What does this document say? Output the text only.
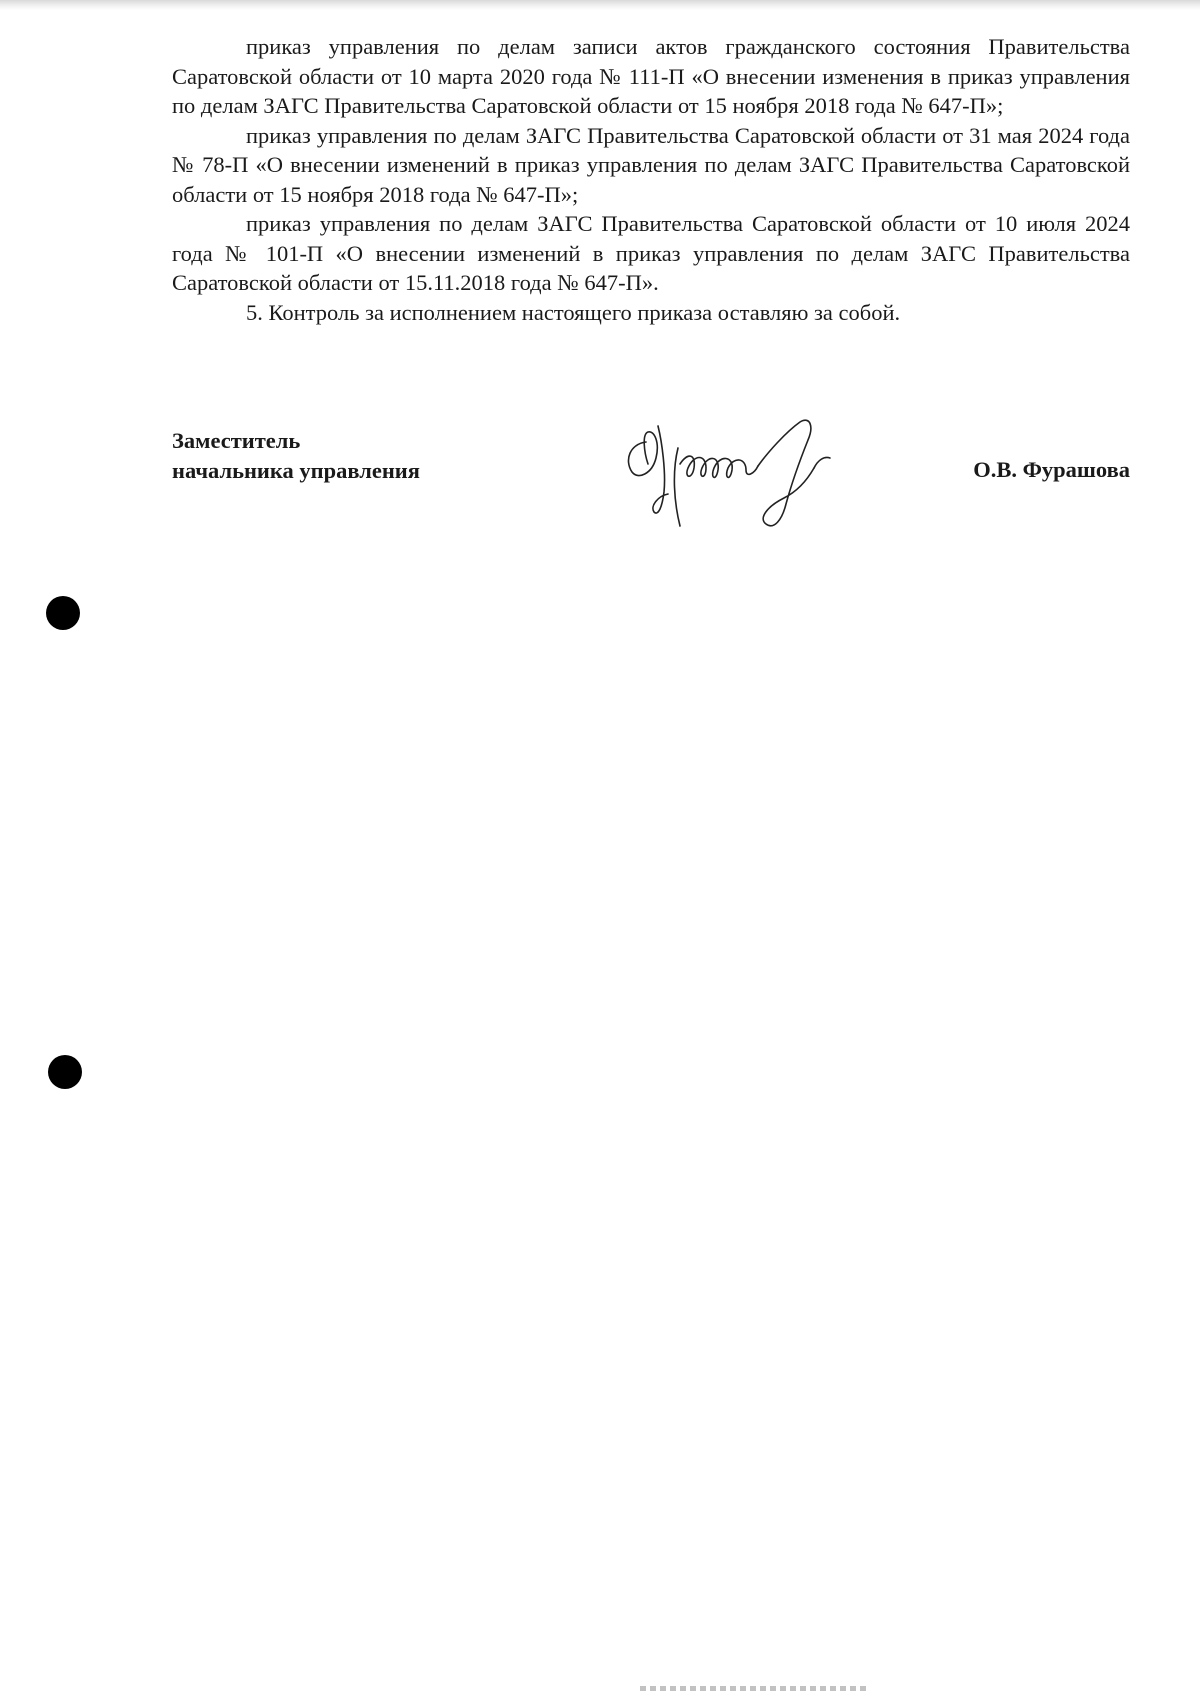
приказ управления по делам записи актов гражданского состояния Правительства Саратовской области от 10 марта 2020 года № 111-П «О внесении изменения в приказ управления по делам ЗАГС Правительства Саратовской области от 15 ноября 2018 года № 647-П»;

приказ управления по делам ЗАГС Правительства Саратовской области от 31 мая 2024 года № 78-П «О внесении изменений в приказ управления по делам ЗАГС Правительства Саратовской области от 15 ноября 2018 года № 647-П»;

приказ управления по делам ЗАГС Правительства Саратовской области от 10 июля 2024 года № 101-П «О внесении изменений в приказ управления по делам ЗАГС Правительства Саратовской области от 15.11.2018 года № 647-П».

5. Контроль за исполнением настоящего приказа оставляю за собой.

Заместитель
начальника управления	О.В. Фурашова
